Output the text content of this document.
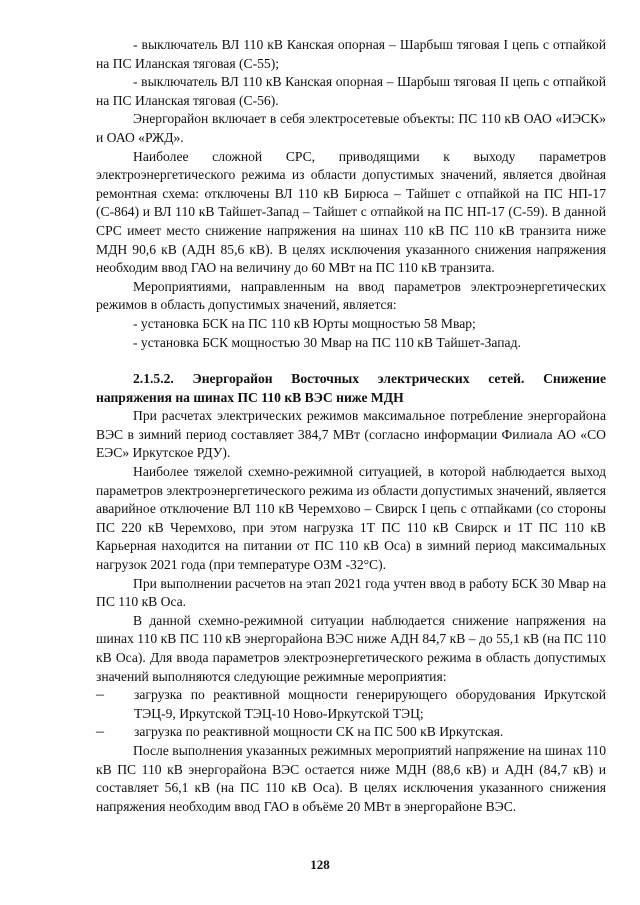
- выключатель ВЛ 110 кВ Канская опорная – Шарбыш тяговая I цепь с отпайкой на ПС Иланская тяговая (С-55);

- выключатель ВЛ 110 кВ Канская опорная – Шарбыш тяговая II цепь с отпайкой на ПС Иланская тяговая (С-56).

Энергорайон включает в себя электросетевые объекты: ПС 110 кВ ОАО «ИЭСК» и ОАО «РЖД».

Наиболее сложной СРС, приводящими к выходу параметров электроэнергетического режима из области допустимых значений, является двойная ремонтная схема: отключены ВЛ 110 кВ Бирюса – Тайшет с отпайкой на ПС НП-17 (С-864) и ВЛ 110 кВ Тайшет-Запад – Тайшет с отпайкой на ПС НП-17 (С-59). В данной СРС имеет место снижение напряжения на шинах 110 кВ ПС 110 кВ транзита ниже МДН 90,6 кВ (АДН 85,6 кВ). В целях исключения указанного снижения напряжения необходим ввод ГАО на величину до 60 МВт на ПС 110 кВ транзита.

Мероприятиями, направленным на ввод параметров электроэнергетических режимов в область допустимых значений, является:

- установка БСК на ПС 110 кВ Юрты мощностью 58 Мвар;

- установка БСК мощностью 30 Мвар на ПС 110 кВ Тайшет-Запад.

2.1.5.2. Энергорайон Восточных электрических сетей. Снижение напряжения на шинах ПС 110 кВ ВЭС ниже МДН

При расчетах электрических режимов максимальное потребление энергорайона ВЭС в зимний период составляет 384,7 МВт (согласно информации Филиала АО «СО ЕЭС» Иркутское РДУ).

Наиболее тяжелой схемно-режимной ситуацией, в которой наблюдается выход параметров электроэнергетического режима из области допустимых значений, является аварийное отключение ВЛ 110 кВ Черемхово – Свирск I цепь с отпайками (со стороны ПС 220 кВ Черемхово, при этом нагрузка 1Т ПС 110 кВ Свирск и 1Т ПС 110 кВ Карьерная находится на питании от ПС 110 кВ Оса) в зимний период максимальных нагрузок 2021 года (при температуре ОЗМ -32°С).

При выполнении расчетов на этап 2021 года учтен ввод в работу БСК 30 Мвар на ПС 110 кВ Оса.

В данной схемно-режимной ситуации наблюдается снижение напряжения на шинах 110 кВ ПС 110 кВ энергорайона ВЭС ниже АДН 84,7 кВ – до 55,1 кВ (на ПС 110 кВ Оса). Для ввода параметров электроэнергетического режима в область допустимых значений выполняются следующие режимные мероприятия:

–	загрузка по реактивной мощности генерирующего оборудования Иркутской ТЭЦ-9, Иркутской ТЭЦ-10 Ново-Иркутской ТЭЦ;

–	загрузка по реактивной мощности СК на ПС 500 кВ Иркутская.

После выполнения указанных режимных мероприятий напряжение на шинах 110 кВ ПС 110 кВ энергорайона ВЭС остается ниже МДН (88,6 кВ) и АДН (84,7 кВ) и составляет 56,1 кВ (на ПС 110 кВ Оса). В целях исключения указанного снижения напряжения необходим ввод ГАО в объёме 20 МВт в энергорайоне ВЭС.

128
